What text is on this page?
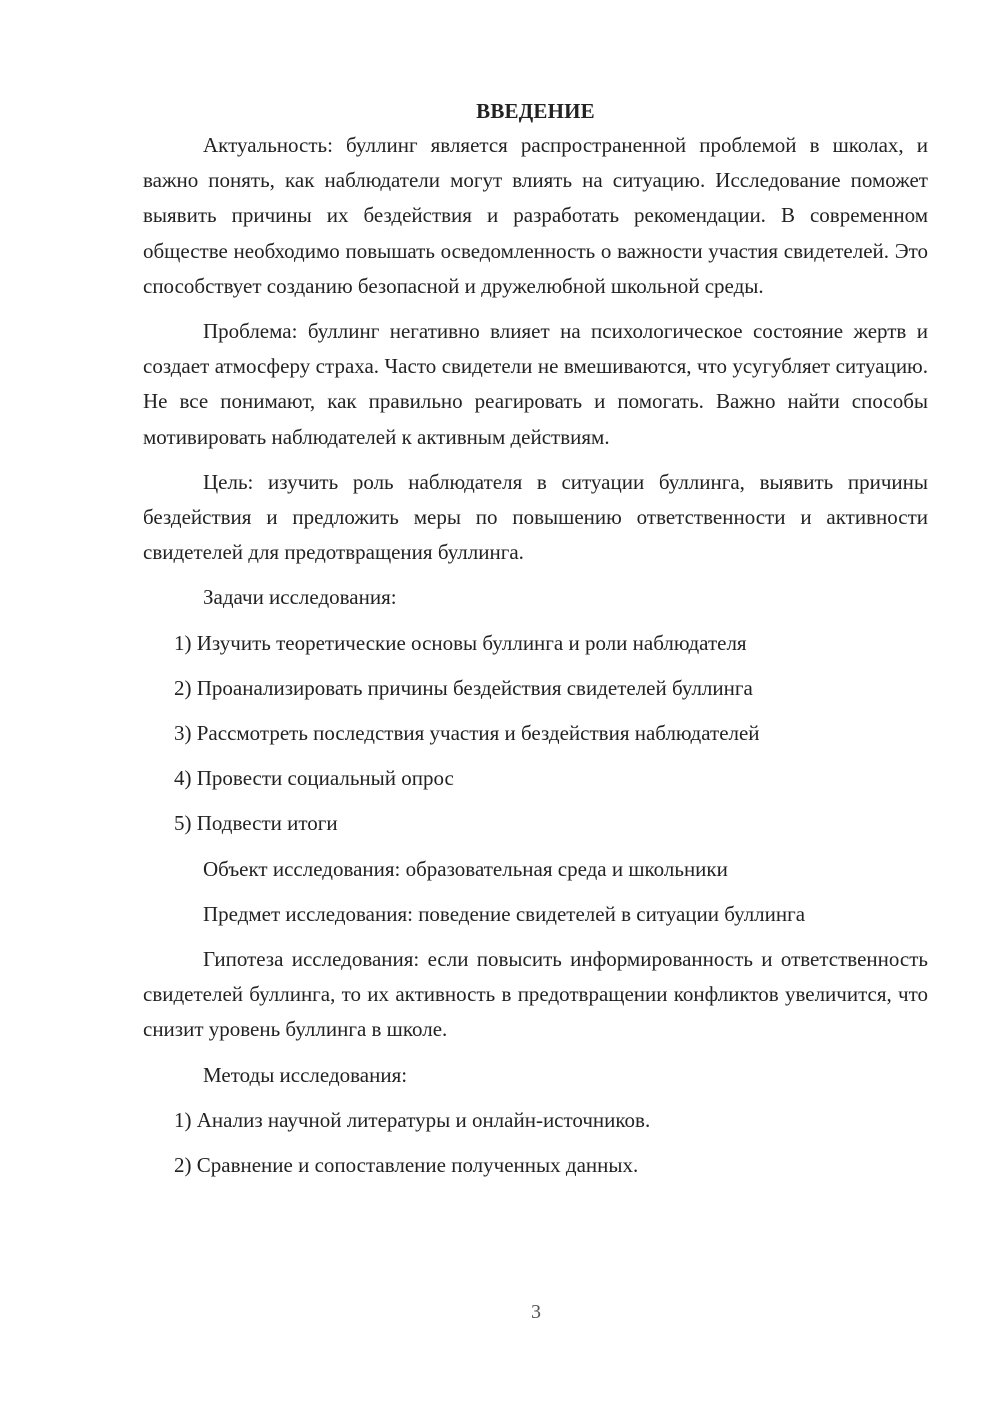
ВВЕДЕНИЕ

Актуальность: буллинг является распространенной проблемой в школах, и важно понять, как наблюдатели могут влиять на ситуацию. Исследование поможет выявить причины их бездействия и разработать рекомендации. В современном обществе необходимо повышать осведомленность о важности участия свидетелей. Это способствует созданию безопасной и дружелюбной школьной среды.

Проблема: буллинг негативно влияет на психологическое состояние жертв и создает атмосферу страха. Часто свидетели не вмешиваются, что усугубляет ситуацию. Не все понимают, как правильно реагировать и помогать. Важно найти способы мотивировать наблюдателей к активным действиям.

Цель: изучить роль наблюдателя в ситуации буллинга, выявить причины бездействия и предложить меры по повышению ответственности и активности свидетелей для предотвращения буллинга.

Задачи исследования:
1) Изучить теоретические основы буллинга и роли наблюдателя
2) Проанализировать причины бездействия свидетелей буллинга
3) Рассмотреть последствия участия и бездействия наблюдателей
4) Провести социальный опрос
5) Подвести итоги
Объект исследования: образовательная среда и школьники
Предмет исследования: поведение свидетелей в ситуации буллинга

Гипотеза исследования: если повысить информированность и ответственность свидетелей буллинга, то их активность в предотвращении конфликтов увеличится, что снизит уровень буллинга в школе.

Методы исследования:
1) Анализ научной литературы и онлайн-источников.
2) Сравнение и сопоставление полученных данных.
3
